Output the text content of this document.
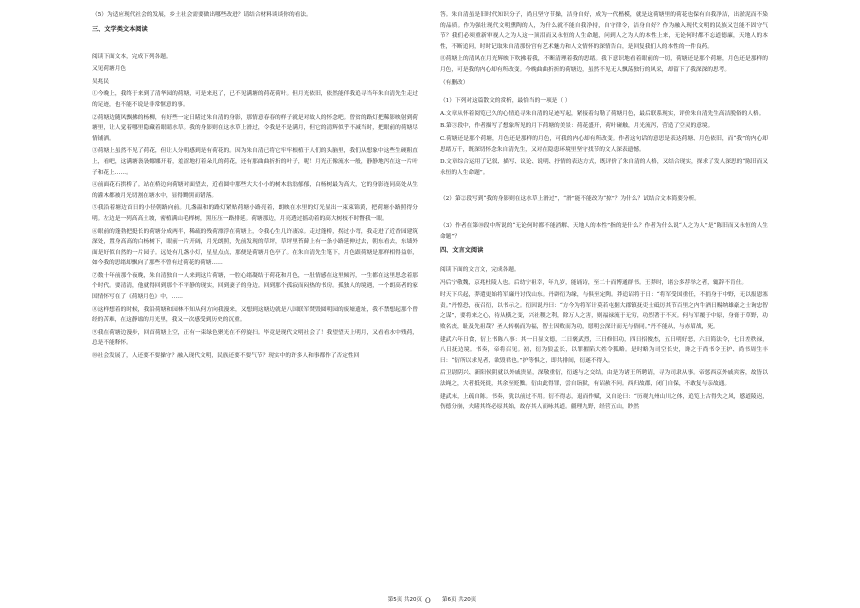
（5）为适应现代社会的发展，乡土社会需要做出哪些改进？请结合材料谈谈你的看法。

三、文学类文本阅读

阅读下面文本，完成下列各题。

又见荷塘月色

吴兆民

①今晚上，我终于来到了清华园的荷塘，可是来迟了，已不见满塘的荷花荷叶。但月光依旧，依然能伴我追寻当年朱自清先生走过的足迹，也不能不说是非常惬意的事。

②荷塘边随风飘拂的杨柳，有好些一定日睹过朱自清的身影，那情意春春的样子就是对故人的怀念吧。曾贫的路灯把稀影映射到荷塘里，让人觉着哪里隐藏着眼睛水草。我的身影则在这水草上滑过，令我是不是满月，但它的清辉似乎不减当时，把眼前的荷塘尽情铺洒。

③荷塘上虽然不见了荷花，但让人分明感到是有荷花的。因为朱自清已将它牢牢根植于人们的头脑里，我们从想象中这些生硬粗直上，看吧，这满塘袅袅娜娜开着，羞涩地打着朵儿的荷花，还有那曲曲折折的叶子，呢！月光正像流水一般，静静地泻在这一片叶子和花上……。

④前面花石拱桥了。站在桥边向荷塘对面望去，近看圆中那些大大小小的树木翁翁郁郁，白杨树最为高大，它的身影连同高处从生的灌木都被月光切割在塘水中，显得黝黑而错落。

⑤我沿着塘边首日的小径朝路向前。几盏温和的路灯紧贴荷塘小路亮着，朗映在水里的灯光显出一束束锦黄，把荷塘小路照得分明。左边是一列高高土坡，密植满山毛榉树，黑压压一路排延。荷塘那边，月亮透过摇动着的高大树枝不时瞥我一眼。

⑥眼前的蓬勃把挺长的荷塘分成两半，稀疏的残荷漂浮在荷塘上，令我心生几许凄凉。走过蓬桥，拐过小弯，我走进了近香园建筑深处，置身高高的白杨树下，眼前一片开阔，月光朗照，先前发现的草坪，草坪里苔藓上有一条小路延伸过去，朝东看去，东墙外面是好似自然的一片园子。远处有几盏小灯，星星点点，那便是荷塘月色亭了。在朱自清先生笔下，月色跟荷塘是那样相得益彰，如今我的思绪却飘向了那些不曾有过荷花的荷塘……

⑦数十年前那个夜晚，朱自清独自一人来到这片荷塘，一腔心绪凝结于荷花和月色，一肚情感在这里倾泻，一生都在这里思念着那个时代。要清清，他就得回到那个不平静的现实，回到妻子的身边。回到那个孤寂而闷热的书房。孤独人的境遇，一个朗高者的家国情怀写在了《荷塘月色》中，……

⑧这样想着的时候，我沿荷塘和园林不知从何方向我漫来，又想到这塘边就是八国联军焚毁圆明园的废墟遗址，我不禁想起那个曾经的苦难，在这静谧的月光里，我又一次感受到历史的沉重。

⑨我在荷塘边漫步，回首荷塘上空，正有一束绿色聚光在不停旋扫。毕竟是现代文明社会了！我望望天上明月，又看看水中残荷，总是不能释怀。

⑩社会发展了，人还要不要操守？融入现代文明，民族还要不要气节？现实中的许多人和事都作了否定性回

第5页 共20页 O

答。朱自清虽是旧时代知识分子，尚且坚守节操，洁身自好，成为一代楷模，就是这荷塘里的荷花也保有自我净洁，出淤泥而不染的品质。作为强壮现代文明熏陶的人，为什么就不能自我净持，自守律令，洁身自好？作为融入现代文明的民族又岂能不固守气节？我们必须重新审视人之为人这一顶泪而又永恒的人生命题，问到人之为人的本性上来，无论何时都不忘道德廉，天地人的本性，不断追问，时时记取朱自清那份宫有艺术魅力和人文情怀的深情告白，是回复我们人的本性的一件良药。

⑪荷塘上的清风在月光辉映下吹拂着我，不断清理着我的思绪。我下意识地看着眼前的一切，荷塘还是那个荷塘，月色还是那样的月色，可是我的内心却有所改变。今晚曲曲折折的荷塘边，虽然不见无人飘荡独行的风采，却留下了我深深的思考。

（有删改）

（1）下列对这篇散文的赏析，最恰当的一项是（ ）

A.文章从怀着阅览已久的心情追寻朱自清的足迹写起，紧接着勾勒了荷塘月色，最后联系现实，评价朱自清先生高洁脱俗的人格。

B.第③段中，作者描写了想象所见的月下荷塘的美景：荷花盛开，荷叶碰触，月光流泻，营造了空灵的意境。

C.荷塘还是那个荷塘，月色还是那样的月色，可我的内心却有所改变。作者这句话的意思是表达荷塘、月色依旧，而“我”的内心却思绪万千，既深切怀念朱自清先生，又对在隐患环境里坚守找节的文人深表遗憾。

D.文章综合运用了记叙、描写、议论、说明、抒情的表达方式，既评价了朱自清的人格，又结合现实，探求了发人深思的“陈旧而又永恒的人生命题”。

（2）第②段写到“我的身影则在这水草上滑过”，“滑”能不能改为“掠”？为什么？试结合文本简要分析。

（3）作者在第⑩段中所说的“无论何时都不能消解、天地人的本性”指的是什么？作者为什么说“人之为人”是“陈旧而又永恒的人生命题”？

四、文言文阅读

阅读下面的文言文，完成各题。

冯后宁敬魏，京兆杜陵人也。后幼宁祖幸，年九岁，能诵诗，至二十而博通群书。王莽时，诸公多荐举之者，辄辞不肯仕。

时天下兵起，莽遣更始将军廉丹讨伐山东。丹辟衍为缘，与俱至定陶。莽追诏将于日：“将军受国重任，不捐身于中野，无以报恩塞责。”丹惶恐，夜召衍，以书示之。衍因说丹曰：“方今为将军计莫若屯据大郡镇抚吏士砥厉其节百里之内牛酒日赐纳雄豪之士询忠智之谋”，要将来之心，待从横之变，兴社稷之利，除万人之害，则福禄流于无穷，功烈著于不灭。何与军覆于中原，身膏于草野，功败名丧，耻及先祖哉？圣人转祸而为福，智士因败而为功，愿明公深计而无与俗同。”丹不能从，与赤眉战，死。

建武六年日食，衍上书陈八事：其一日显文德，二日褒武烈，三日修旧功，四日招俊杰，五日明好恶，六日简法令，七日差秩禄，八日抚边境。书奏，帝将召见。初，衍为狼孟长，以罪摧陷大姓令狐略。是时略为司空长史，谗之于尚书令王护、尚书周生丰曰：“衍所以求见者，欲毁君也。”护等惧之，即共排间，衍遂不得入。

后卫尉阴兴、新阳侯阴就以外戚贵显，深敬重衍，衍遂与之交结，由是为诸王所聘请，寻为司隶从事。帝惩西京外戚宾客，故皆以法绳之，大者抵死徙，其余至贬黜。衍由此得罪，尝自诣狱，有诏赦不问。西归故郡，闭门自保，不敢复与亲故通。

建武末，上疏自陈。书奏，犹以前过不用。衍不得志，退而作赋，又自论曰：“历观九州山川之体，追览上古得失之风，愍道陵迟，伤德分崩，夫睹其终必原其始，故存其人而咏其道。疆理九野，经营五山，眇然

第6页 共20页
